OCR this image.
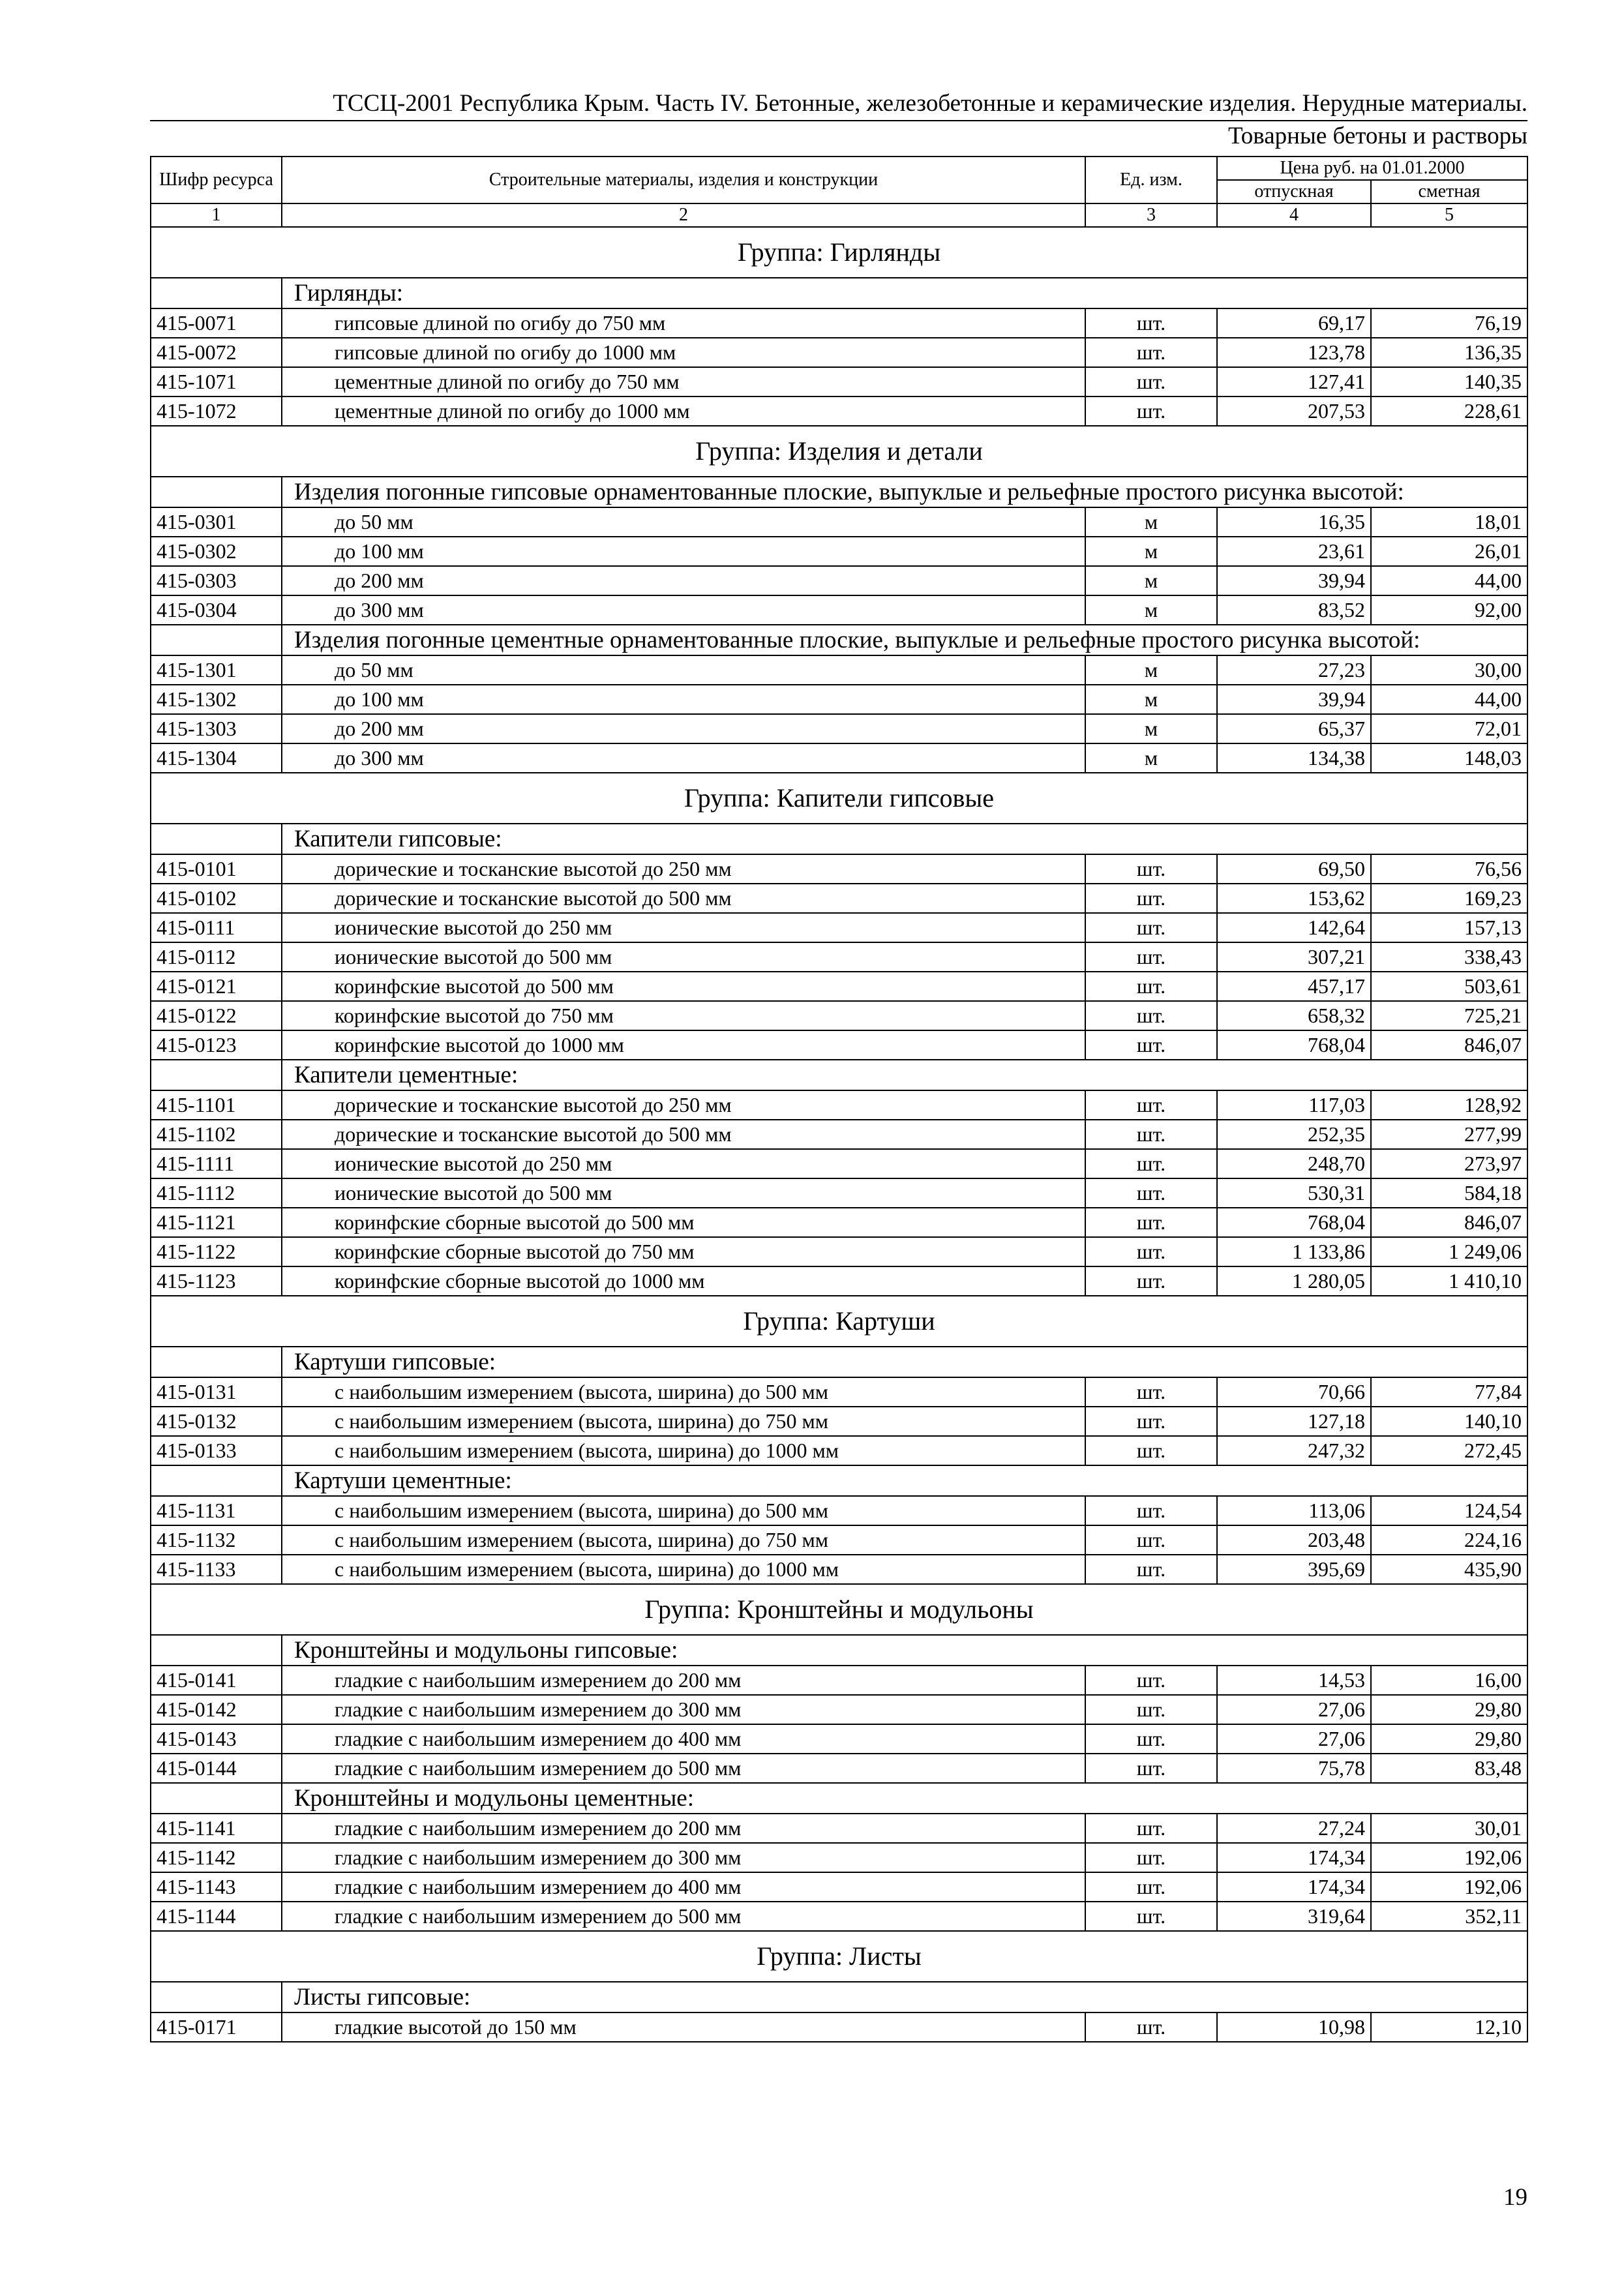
ТССЦ-2001 Республика Крым. Часть IV. Бетонные, железобетонные и керамические изделия. Нерудные материалы.
Товарные бетоны и растворы
Шифр ресурса	Строительные материалы, изделия и конструкции	Ед. изм.	Цена руб. на 01.01.2000	
			отпускная	сметная
1	2	3	4	5
Группа: Гирлянды				
	Гирлянды:			
415-0071	гипсовые длиной по огибу до 750 мм	шт.	69,17	76,19
415-0072	гипсовые длиной по огибу до 1000 мм	шт.	123,78	136,35
415-1071	цементные длиной по огибу до 750 мм	шт.	127,41	140,35
415-1072	цементные длиной по огибу до 1000 мм	шт.	207,53	228,61
Группа: Изделия и детали				
	Изделия погонные гипсовые орнаментованные плоские, выпуклые и рельефные простого рисунка высотой:			
415-0301	до 50 мм	м	16,35	18,01
415-0302	до 100 мм	м	23,61	26,01
415-0303	до 200 мм	м	39,94	44,00
415-0304	до 300 мм	м	83,52	92,00
	Изделия погонные цементные орнаментованные плоские, выпуклые и рельефные простого рисунка высотой:			
415-1301	до 50 мм	м	27,23	30,00
415-1302	до 100 мм	м	39,94	44,00
415-1303	до 200 мм	м	65,37	72,01
415-1304	до 300 мм	м	134,38	148,03
Группа: Капители гипсовые				
	Капители гипсовые:			
415-0101	дорические и тосканские высотой до 250 мм	шт.	69,50	76,56
415-0102	дорические и тосканские высотой до 500 мм	шт.	153,62	169,23
415-0111	ионические высотой до 250 мм	шт.	142,64	157,13
415-0112	ионические высотой до 500 мм	шт.	307,21	338,43
415-0121	коринфские высотой до 500 мм	шт.	457,17	503,61
415-0122	коринфские высотой до 750 мм	шт.	658,32	725,21
415-0123	коринфские высотой до 1000 мм	шт.	768,04	846,07
	Капители цементные:			
415-1101	дорические и тосканские высотой до 250 мм	шт.	117,03	128,92
415-1102	дорические и тосканские высотой до 500 мм	шт.	252,35	277,99
415-1111	ионические высотой до 250 мм	шт.	248,70	273,97
415-1112	ионические высотой до 500 мм	шт.	530,31	584,18
415-1121	коринфские сборные высотой до 500 мм	шт.	768,04	846,07
415-1122	коринфские сборные высотой до 750 мм	шт.	1 133,86	1 249,06
415-1123	коринфские сборные высотой до 1000 мм	шт.	1 280,05	1 410,10
Группа: Картуши				
	Картуши гипсовые:			
415-0131	с наибольшим измерением (высота, ширина) до 500 мм	шт.	70,66	77,84
415-0132	с наибольшим измерением (высота, ширина) до 750 мм	шт.	127,18	140,10
415-0133	с наибольшим измерением (высота, ширина) до 1000 мм	шт.	247,32	272,45
	Картуши цементные:			
415-1131	с наибольшим измерением (высота, ширина) до 500 мм	шт.	113,06	124,54
415-1132	с наибольшим измерением (высота, ширина) до 750 мм	шт.	203,48	224,16
415-1133	с наибольшим измерением (высота, ширина) до 1000 мм	шт.	395,69	435,90
Группа: Кронштейны и модульоны				
	Кронштейны и модульоны гипсовые:			
415-0141	гладкие с наибольшим измерением до 200 мм	шт.	14,53	16,00
415-0142	гладкие с наибольшим измерением до 300 мм	шт.	27,06	29,80
415-0143	гладкие с наибольшим измерением до 400 мм	шт.	27,06	29,80
415-0144	гладкие с наибольшим измерением до 500 мм	шт.	75,78	83,48
	Кронштейны и модульоны цементные:			
415-1141	гладкие с наибольшим измерением до 200 мм	шт.	27,24	30,01
415-1142	гладкие с наибольшим измерением до 300 мм	шт.	174,34	192,06
415-1143	гладкие с наибольшим измерением до 400 мм	шт.	174,34	192,06
415-1144	гладкие с наибольшим измерением до 500 мм	шт.	319,64	352,11
Группа: Листы				
	Листы гипсовые:			
415-0171	гладкие высотой до 150 мм	шт.	10,98	12,10
19
